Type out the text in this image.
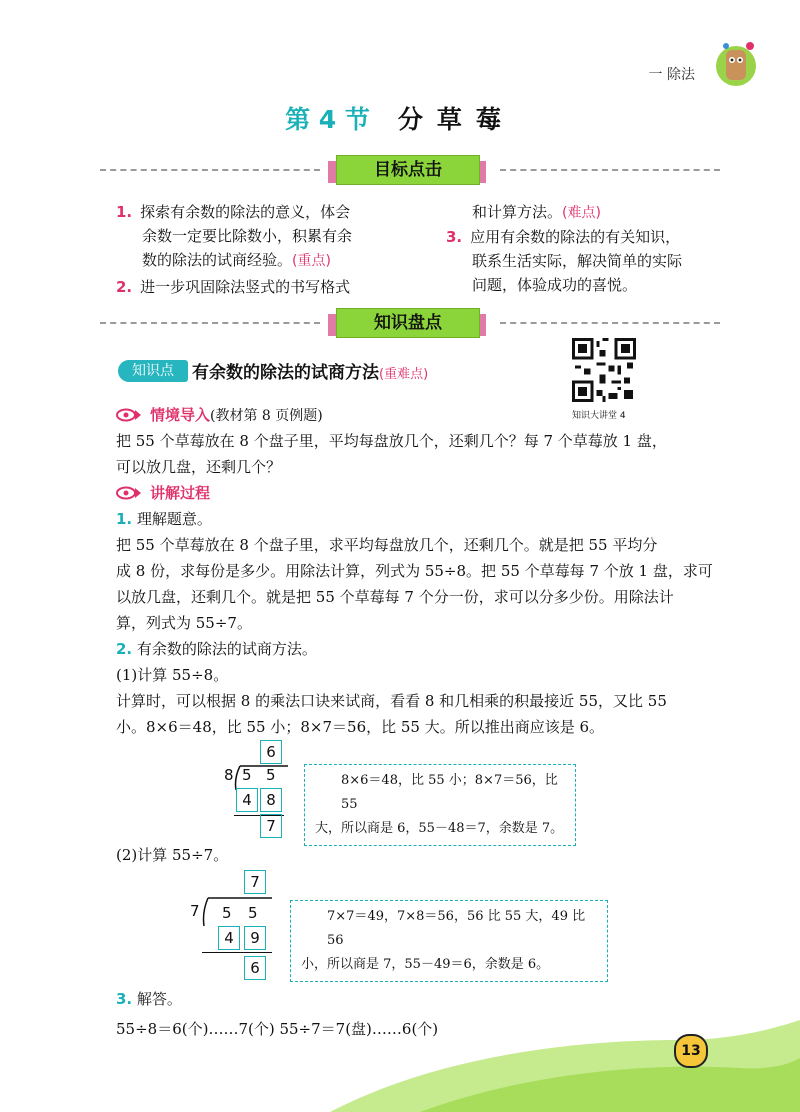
一 除法
第 4 节 分草莓
目标点击
1. 探索有余数的除法的意义，体会
余数一定要比除数小，积累有余
数的除法的试商经验。(重点)
2. 进一步巩固除法竖式的书写格式
和计算方法。(难点)
3. 应用有余数的除法的有关知识，
联系生活实际，解决简单的实际
问题，体验成功的喜悦。
知识盘点
知识点	有余数的除法的试商方法(重难点)
知识大讲堂 4
情境导入(教材第 8 页例题)
把 55 个草莓放在 8 个盘子里，平均每盘放几个，还剩几个？每 7 个草莓放 1 盘，
可以放几盘，还剩几个？
讲解过程
1. 理解题意。
把 55 个草莓放在 8 个盘子里，求平均每盘放几个，还剩几个。就是把 55 平均分
成 8 份，求每份是多少。用除法计算，列式为 55÷8。把 55 个草莓每 7 个放 1 盘，求可
以放几盘，还剩几个。就是把 55 个草莓每 7 个分一份，求可以分多少份。用除法计
算，列式为 55÷7。
2. 有余数的除法的试商方法。
(1)计算 55÷8。
计算时，可以根据 8 的乘法口诀来试商，看看 8 和几相乘的积最接近 55，又比 55
小。8×6＝48，比 55 小；8×7＝56，比 55 大。所以推出商应该是 6。
6
8 5 5
4 8
7
8×6＝48，比 55 小；8×7＝56，比 55
大，所以商是 6，55－48＝7，余数是 7。
(2)计算 55÷7。
7
7 5 5
4	9
6
7×7＝49，7×8＝56，56 比 55 大，49 比 56
小，所以商是 7，55－49＝6，余数是 6。
3. 解答。
55÷8＝6(个)……7(个) 55÷7＝7(盘)……6(个)
13
